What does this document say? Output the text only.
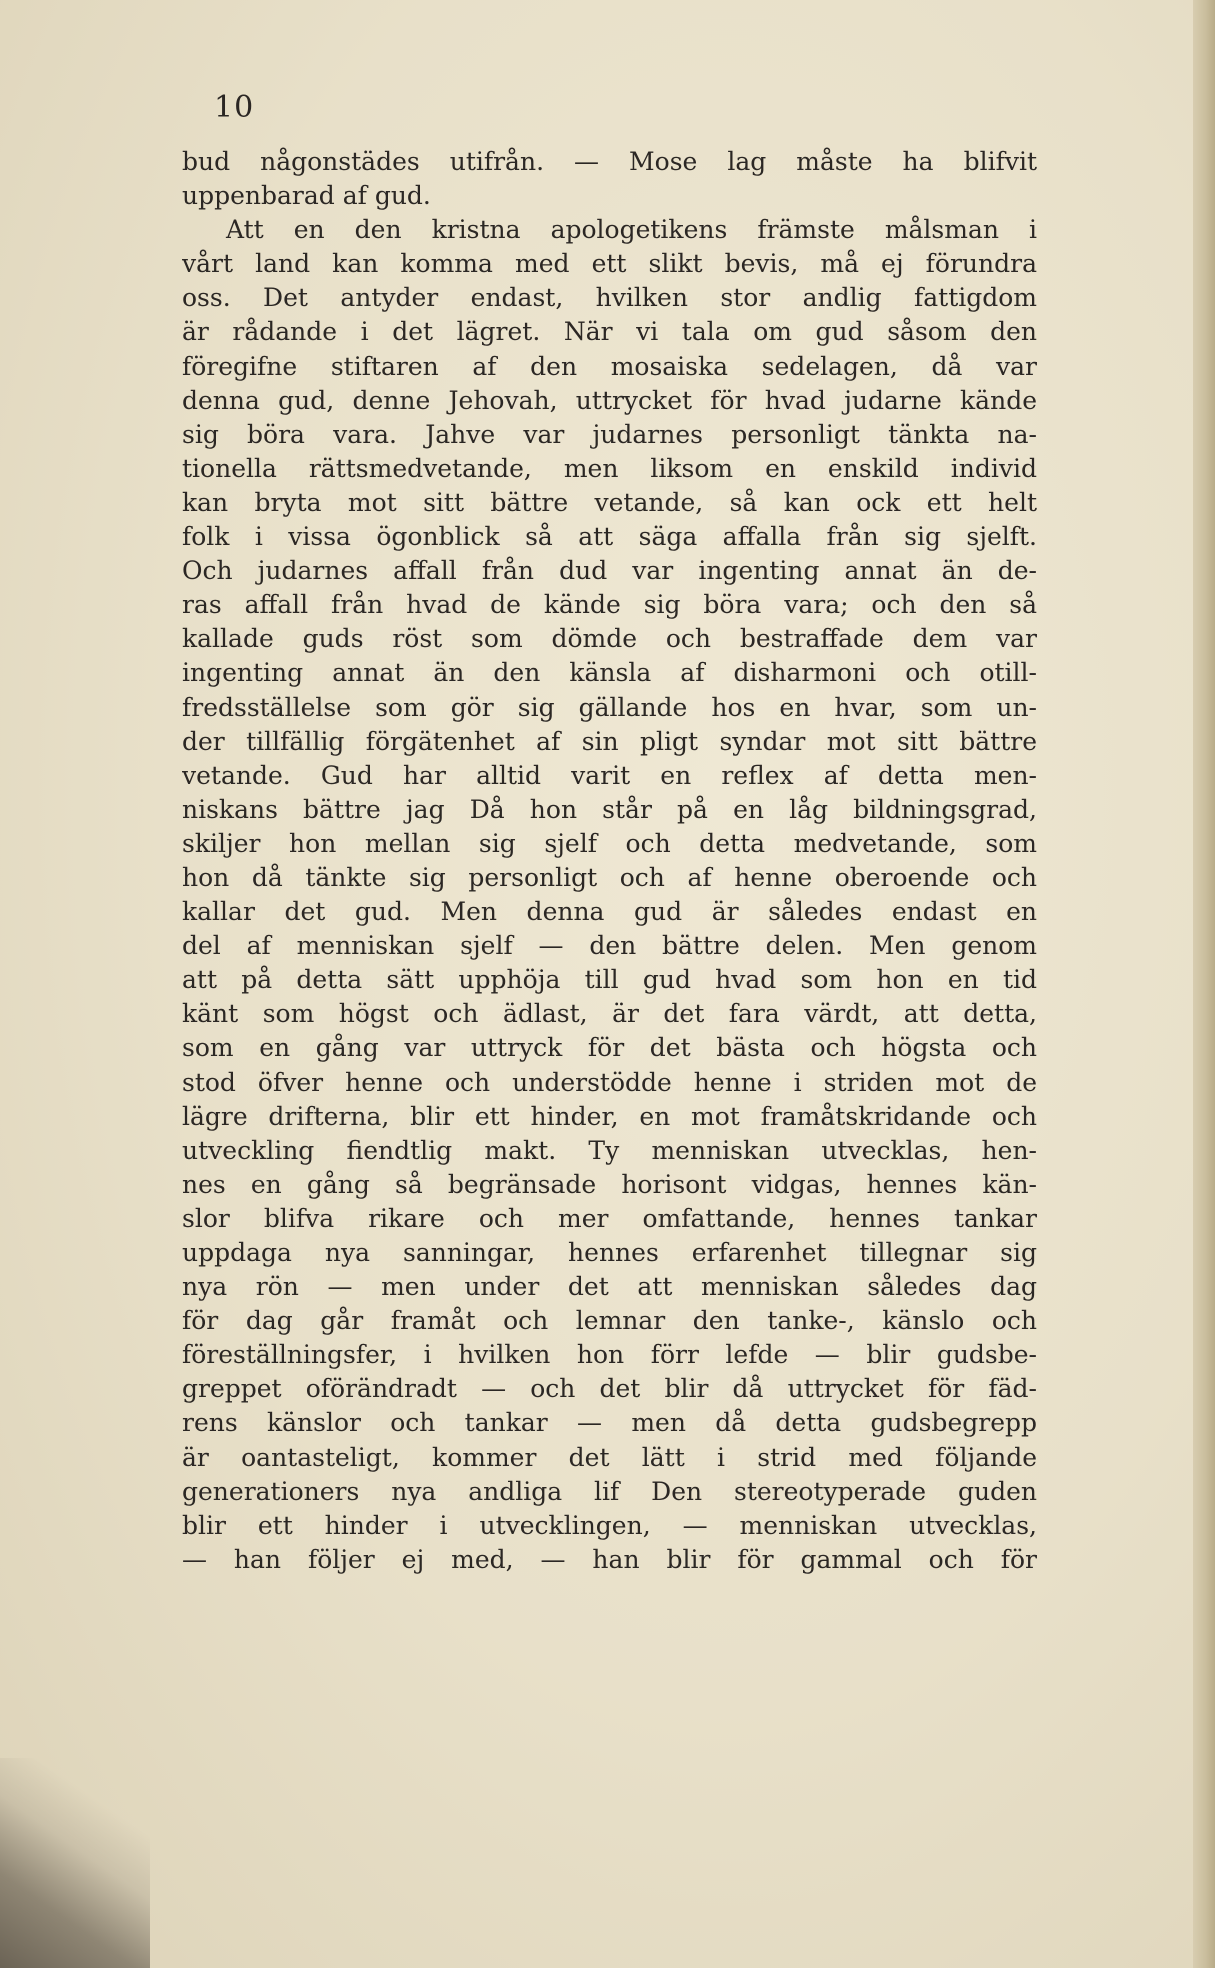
10
bud någonstädes utifrån. — Mose lag måste ha blifvit
uppenbarad af gud.
Att en den kristna apologetikens främste målsman i
vårt land kan komma med ett slikt bevis, må ej förundra
oss. Det antyder endast, hvilken stor andlig fattigdom
är rådande i det lägret. När vi tala om gud såsom den
föregifne stiftaren af den mosaiska sedelagen, då var
denna gud, denne Jehovah, uttrycket för hvad judarne kände
sig böra vara. Jahve var judarnes personligt tänkta na-
tionella rättsmedvetande, men liksom en enskild individ
kan bryta mot sitt bättre vetande, så kan ock ett helt
folk i vissa ögonblick så att säga affalla från sig sjelft.
Och judarnes affall från dud var ingenting annat än de-
ras affall från hvad de kände sig böra vara; och den så
kallade guds röst som dömde och bestraffade dem var
ingenting annat än den känsla af disharmoni och otill-
fredsställelse som gör sig gällande hos en hvar, som un-
der tillfällig förgätenhet af sin pligt syndar mot sitt bättre
vetande. Gud har alltid varit en reflex af detta men-
niskans bättre jag Då hon står på en låg bildningsgrad,
skiljer hon mellan sig sjelf och detta medvetande, som
hon då tänkte sig personligt och af henne oberoende och
kallar det gud. Men denna gud är således endast en
del af menniskan sjelf — den bättre delen. Men genom
att på detta sätt upphöja till gud hvad som hon en tid
känt som högst och ädlast, är det fara värdt, att detta,
som en gång var uttryck för det bästa och högsta och
stod öfver henne och understödde henne i striden mot de
lägre drifterna, blir ett hinder, en mot framåtskridande och
utveckling fiendtlig makt. Ty menniskan utvecklas, hen-
nes en gång så begränsade horisont vidgas, hennes kän-
slor blifva rikare och mer omfattande, hennes tankar
uppdaga nya sanningar, hennes erfarenhet tillegnar sig
nya rön — men under det att menniskan således dag
för dag går framåt och lemnar den tanke-, känslo och
föreställningsfer, i hvilken hon förr lefde — blir gudsbe-
greppet oförändradt — och det blir då uttrycket för fäd-
rens känslor och tankar — men då detta gudsbegrepp
är oantasteligt, kommer det lätt i strid med följande
generationers nya andliga lif Den stereotyperade guden
blir ett hinder i utvecklingen, — menniskan utvecklas,
— han följer ej med, — han blir för gammal och för
